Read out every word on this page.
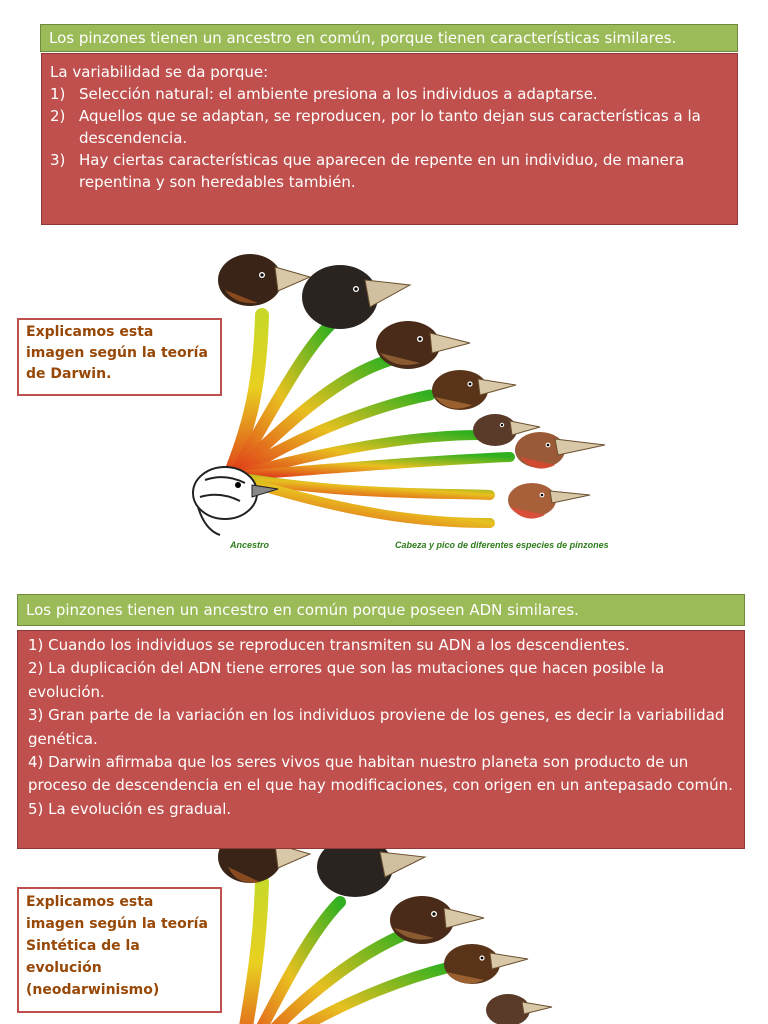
Los pinzones tienen un ancestro en común, porque tienen características similares.
La variabilidad se da porque:
1) Selección natural: el ambiente presiona a los individuos a adaptarse.
2) Aquellos que se adaptan, se reproducen, por lo tanto dejan sus características a la descendencia.
3) Hay ciertas características que aparecen de repente en un individuo, de manera repentina y son heredables también.
Explicamos esta imagen según la teoría de Darwin.
Ancestro	Cabeza y pico de diferentes especies de pinzones
Los pinzones tienen un ancestro en común porque poseen ADN similares.
1) Cuando los individuos se reproducen transmiten su ADN a los descendientes.
2) La duplicación del ADN tiene errores que son las mutaciones que hacen posible la evolución.
3) Gran parte de la variación en los individuos proviene de los genes, es decir la variabilidad genética.
4) Darwin afirmaba que los seres vivos que habitan nuestro planeta son producto de un proceso de descendencia en el que hay modificaciones, con origen en un antepasado común.
5) La evolución es gradual.
Explicamos esta imagen según la teoría Sintética de la evolución (neodarwinismo)
